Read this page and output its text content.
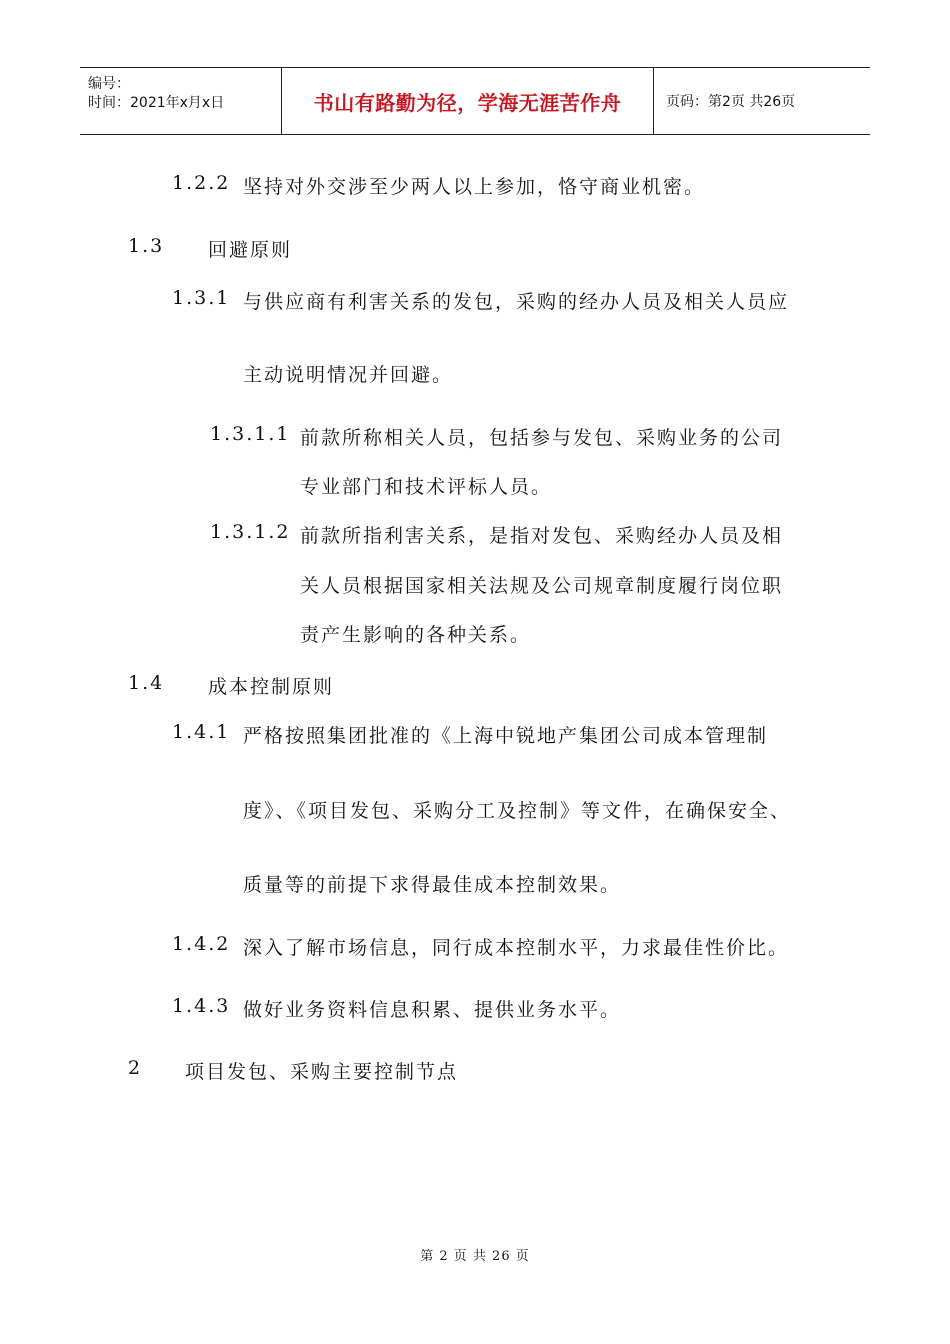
编号：
时间：2021年x月x日	书山有路勤为径，学海无涯苦作舟	页码：第2页 共26页
1.2.2 坚持对外交涉至少两人以上参加，恪守商业机密。
1.3 回避原则
1.3.1 与供应商有利害关系的发包，采购的经办人员及相关人员应
主动说明情况并回避。
1.3.1.1 前款所称相关人员，包括参与发包、采购业务的公司
专业部门和技术评标人员。
1.3.1.2 前款所指利害关系，是指对发包、采购经办人员及相
关人员根据国家相关法规及公司规章制度履行岗位职
责产生影响的各种关系。
1.4 成本控制原则
1.4.1 严格按照集团批准的《上海中锐地产集团公司成本管理制
度》、《项目发包、采购分工及控制》等文件，在确保安全、
质量等的前提下求得最佳成本控制效果。
1.4.2 深入了解市场信息，同行成本控制水平，力求最佳性价比。
1.4.3 做好业务资料信息积累、提供业务水平。
2 项目发包、采购主要控制节点
第 2 页 共 26 页
